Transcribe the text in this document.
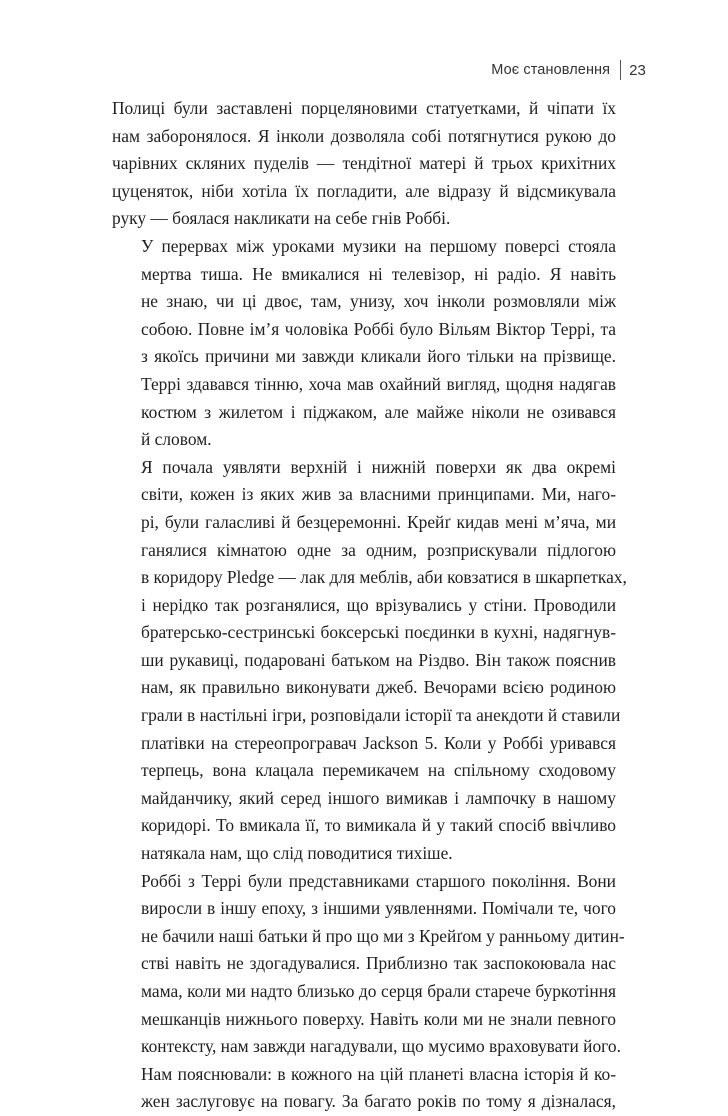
Моє становлення 23

Полиці були заставлені порцеляновими статуетками, й чіпати їх
нам заборонялося. Я інколи дозволяла собі потягнутися рукою до
чарівних скляних пуделів — тендітної матері й трьох крихітних
цуценяток, ніби хотіла їх погладити, але відразу й відсмикувала
руку — боялася накликати на себе гнів Роббі.

У перервах між уроками музики на першому поверсі стояла
мертва тиша. Не вмикалися ні телевізор, ні радіо. Я навіть
не знаю, чи ці двоє, там, унизу, хоч інколи розмовляли між
собою. Повне ім’я чоловіка Роббі було Вільям Віктор Террі, та
з якоїсь причини ми завжди кликали його тільки на прізвище.
Террі здавався тінню, хоча мав охайний вигляд, щодня надягав
костюм з жилетом і піджаком, але майже ніколи не озивався
й словом.

Я почала уявляти верхній і нижній поверхи як два окремі
світи, кожен із яких жив за власними принципами. Ми, наго-
рі, були галасливі й безцеремонні. Крейґ кидав мені м’яча, ми
ганялися кімнатою одне за одним, розприскували підлогою
в коридору Pledge — лак для меблів, аби ковзатися в шкарпетках,
і нерідко так розганялися, що врізувались у стіни. Проводили
братерсько-сестринські боксерські поєдинки в кухні, надягнув-
ши рукавиці, подаровані батьком на Різдво. Він також пояснив
нам, як правильно виконувати джеб. Вечорами всією родиною
грали в настільні ігри, розповідали історії та анекдоти й ставили
платівки на стереопрогравач Jackson 5. Коли у Роббі уривався
терпець, вона клацала перемикачем на спільному сходовому
майданчику, який серед іншого вимикав і лампочку в нашому
коридорі. То вмикала її, то вимикала й у такий спосіб ввічливо
натякала нам, що слід поводитися тихіше.

Роббі з Террі були представниками старшого покоління. Вони
виросли в іншу епоху, з іншими уявленнями. Помічали те, чого
не бачили наші батьки й про що ми з Крейґом у ранньому дитин-
стві навіть не здогадувалися. Приблизно так заспокоювала нас
мама, коли ми надто близько до серця брали старече буркотіння
мешканців нижнього поверху. Навіть коли ми не знали певного
контексту, нам завжди нагадували, що мусимо враховувати його.
Нам пояснювали: в кожного на цій планеті власна історія й ко-
жен заслуговує на повагу. За багато років по тому я дізналася,
